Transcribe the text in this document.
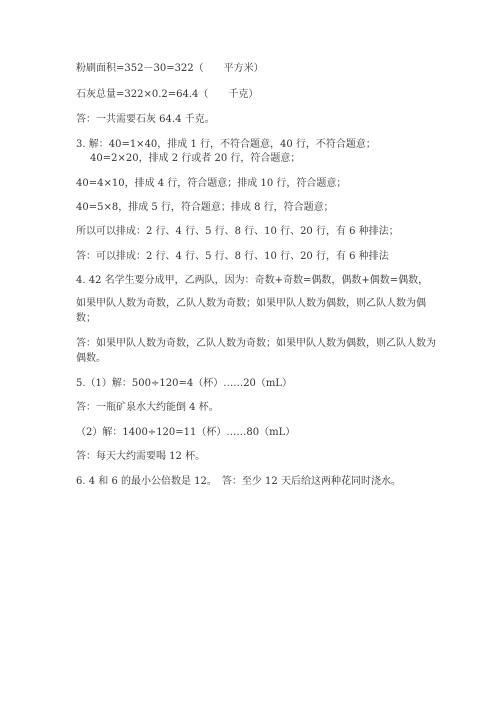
粉刷面积=352－30=322（　　平方米）
石灰总量=322×0.2=64.4（　　千克）
答：一共需要石灰 64.4 千克。
3. 解：40=1×40，排成 1 行，不符合题意，40 行，不符合题意；
40=2×20，排成 2 行或者 20 行，符合题意；
40=4×10，排成 4 行，符合题意；排成 10 行，符合题意；
40=5×8，排成 5 行，符合题意；排成 8 行，符合题意；
所以可以排成：2 行、4 行、5 行、8 行、10 行、20 行，有 6 种排法；
答：可以排成：2 行、4 行、5 行、8 行、10 行、20 行，有 6 种排法
4. 42 名学生要分成甲，乙两队，因为：奇数+奇数=偶数，偶数+偶数=偶数，
如果甲队人数为奇数，乙队人数为奇数；如果甲队人数为偶数，则乙队人数为偶数；
答：如果甲队人数为奇数，乙队人数为奇数；如果甲队人数为偶数，则乙队人数为偶数。
5.（1）解：500÷120=4（杯）……20（mL）
答：一瓶矿泉水大约能倒 4 杯。
（2）解：1400÷120=11（杯）……80（mL）
答：每天大约需要喝 12 杯。
6. 4 和 6 的最小公倍数是 12。　答：至少 12 天后给这两种花同时浇水。
